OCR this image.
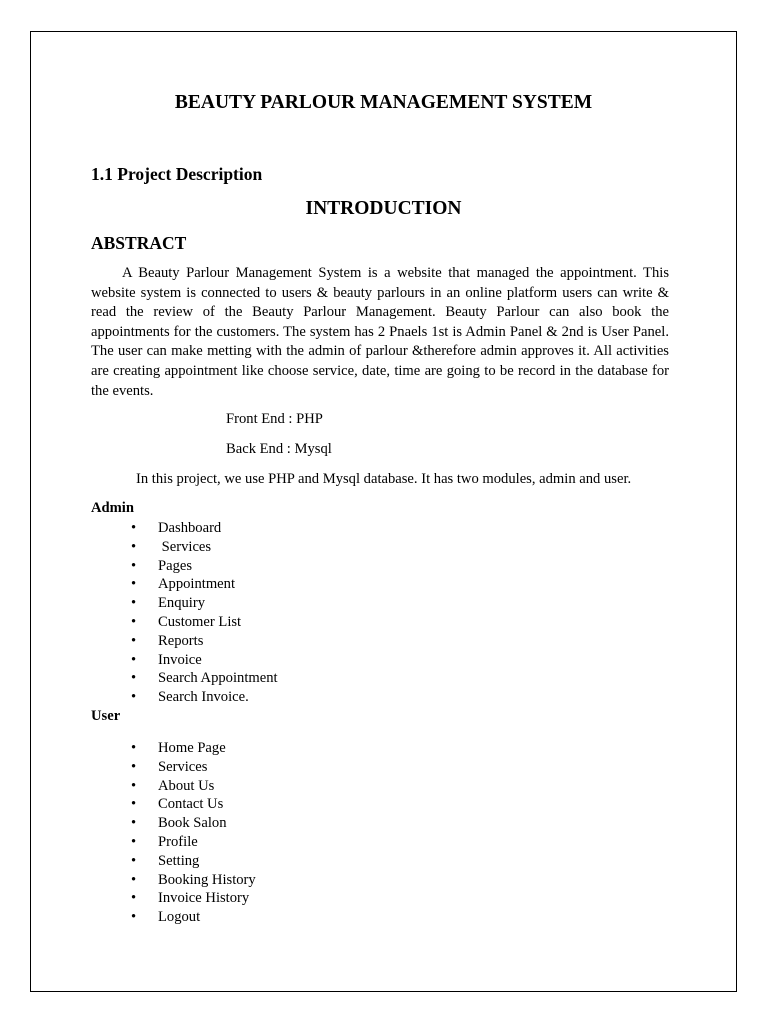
BEAUTY PARLOUR MANAGEMENT SYSTEM
1.1 Project Description
INTRODUCTION
ABSTRACT
A Beauty Parlour Management System is a website that managed the appointment. This website system is connected to users & beauty parlours in an online platform users can write & read the review of the Beauty Parlour Management. Beauty Parlour can also book the appointments for the customers. The system has 2 Pnaels 1st is Admin Panel & 2nd is User Panel. The user can make metting with the admin of parlour &therefore admin approves it. All activities are creating appointment like choose service, date, time are going to be record in the database for the events.
Front End : PHP
Back End : Mysql
In this project, we use PHP and Mysql database. It has two modules, admin and user.
Admin
•	Dashboard
•	Services
•	Pages
•	Appointment
•	Enquiry
•	Customer List
•	Reports
•	Invoice
•	Search Appointment
•	Search Invoice.
User
•	Home Page
•	Services
•	About Us
•	Contact Us
•	Book Salon
•	Profile
•	Setting
•	Booking History
•	Invoice History
•	Logout
